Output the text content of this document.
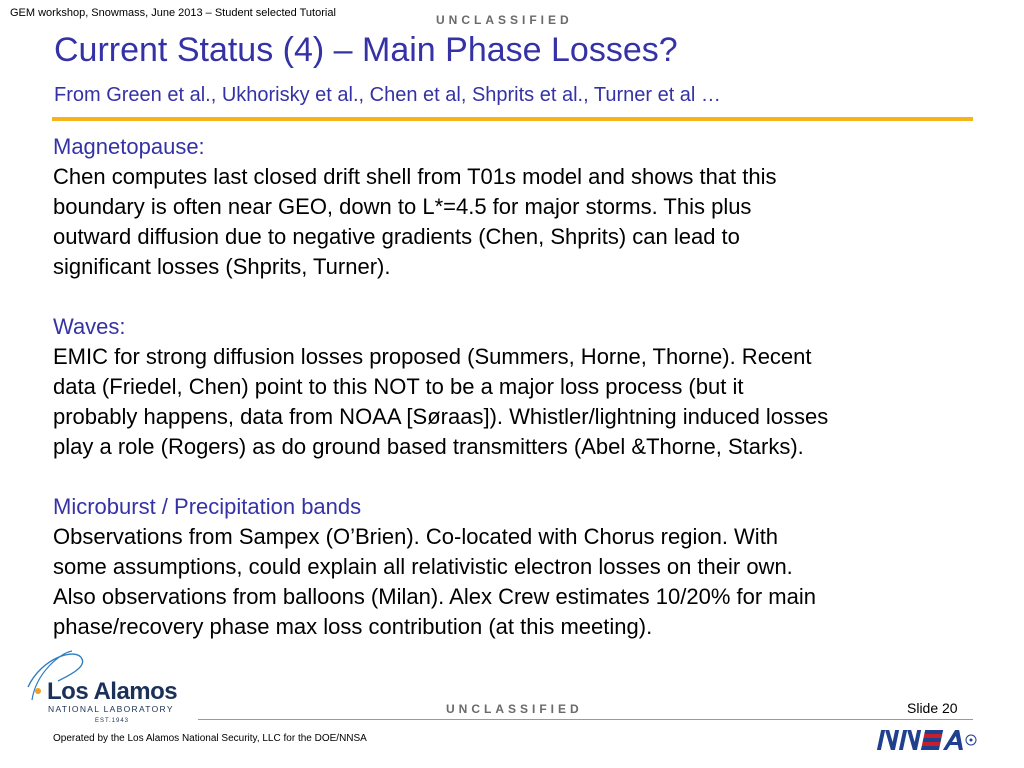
GEM workshop, Snowmass, June 2013 – Student selected Tutorial	UNCLASSIFIED
Current Status (4) – Main Phase Losses?
From Green et al., Ukhorisky et al., Chen et al, Shprits et al., Turner et al …
Magnetopause:
Chen computes last closed drift shell from T01s model and shows that this
boundary is often near GEO, down to L*=4.5 for major storms. This plus
outward diffusion due to negative gradients (Chen, Shprits) can lead to
significant losses (Shprits, Turner).
Waves:
EMIC for strong diffusion losses proposed (Summers, Horne, Thorne). Recent
data (Friedel, Chen) point to this NOT to be a major loss process (but it
probably happens, data from NOAA [Søraas]). Whistler/lightning induced losses
play a role (Rogers) as do ground based transmitters (Abel &Thorne, Starks).
Microburst / Precipitation bands
Observations from Sampex (O’Brien). Co-located with Chorus region. With
some assumptions, could explain all relativistic electron losses on their own.
Also observations from balloons (Milan). Alex Crew estimates 10/20% for main
phase/recovery phase max loss contribution (at this meeting).
Los Alamos
NATIONAL LABORATORY
EST.1943
UNCLASSIFIED	Slide 20
Operated by the Los Alamos National Security, LLC for the DOE/NNSA
